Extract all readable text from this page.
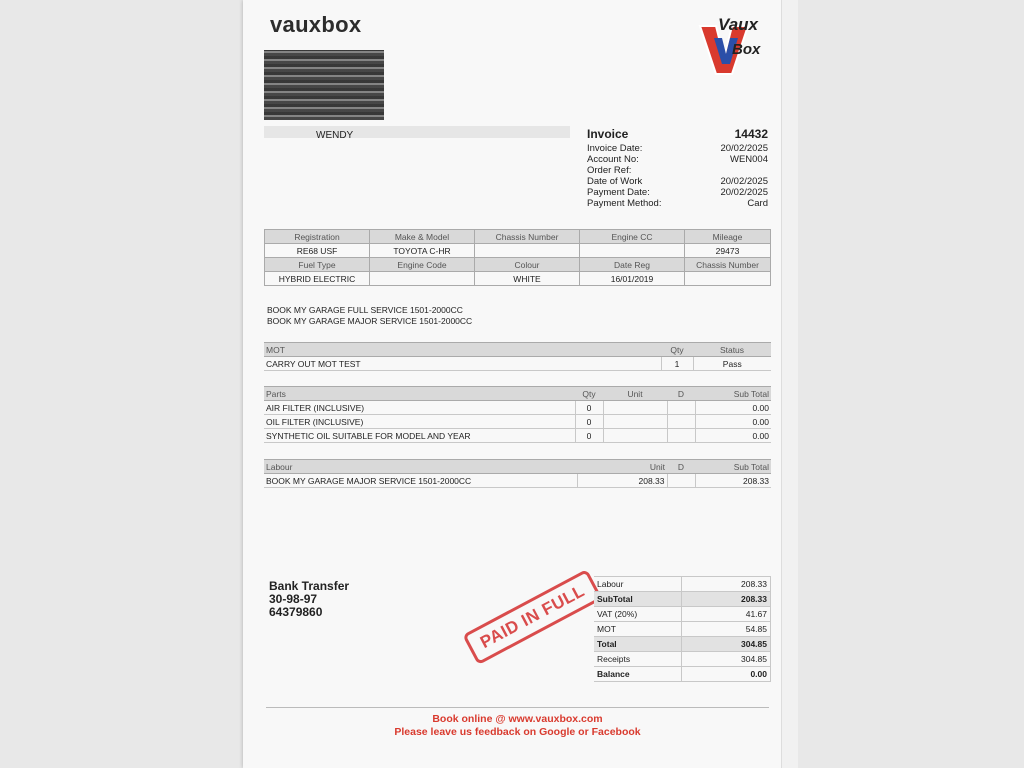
vauxbox	Vaux
Box
WENDY	Invoice	14432
Invoice Date:	20/02/2025
Account No:	WEN004
Order Ref:
Date of Work	20/02/2025
Payment Date:	20/02/2025
Payment Method:	Card
Registration	Make & Model	Chassis Number	Engine CC	Mileage
RE68 USF	TOYOTA C-HR			29473
Fuel Type	Engine Code	Colour	Date Reg	Chassis Number
HYBRID ELECTRIC		WHITE	16/01/2019	
BOOK MY GARAGE FULL SERVICE 1501-2000CC
BOOK MY GARAGE MAJOR SERVICE 1501-2000CC
MOT	Qty	Status
CARRY OUT MOT TEST	1	Pass
Parts	Qty	Unit	D	Sub Total
AIR FILTER (INCLUSIVE)	0			0.00
OIL FILTER (INCLUSIVE)	0			0.00
SYNTHETIC OIL SUITABLE FOR MODEL AND YEAR	0			0.00
Labour	Unit	D	Sub Total
BOOK MY GARAGE MAJOR SERVICE 1501-2000CC	208.33		208.33
Bank Transfer
30-98-97
64379860	PAID IN FULL	Labour	208.33
SubTotal	208.33
VAT (20%)	41.67
MOT	54.85
Total	304.85
Receipts	304.85
Balance	0.00
Book online @ www.vauxbox.com
Please leave us feedback on Google or Facebook
